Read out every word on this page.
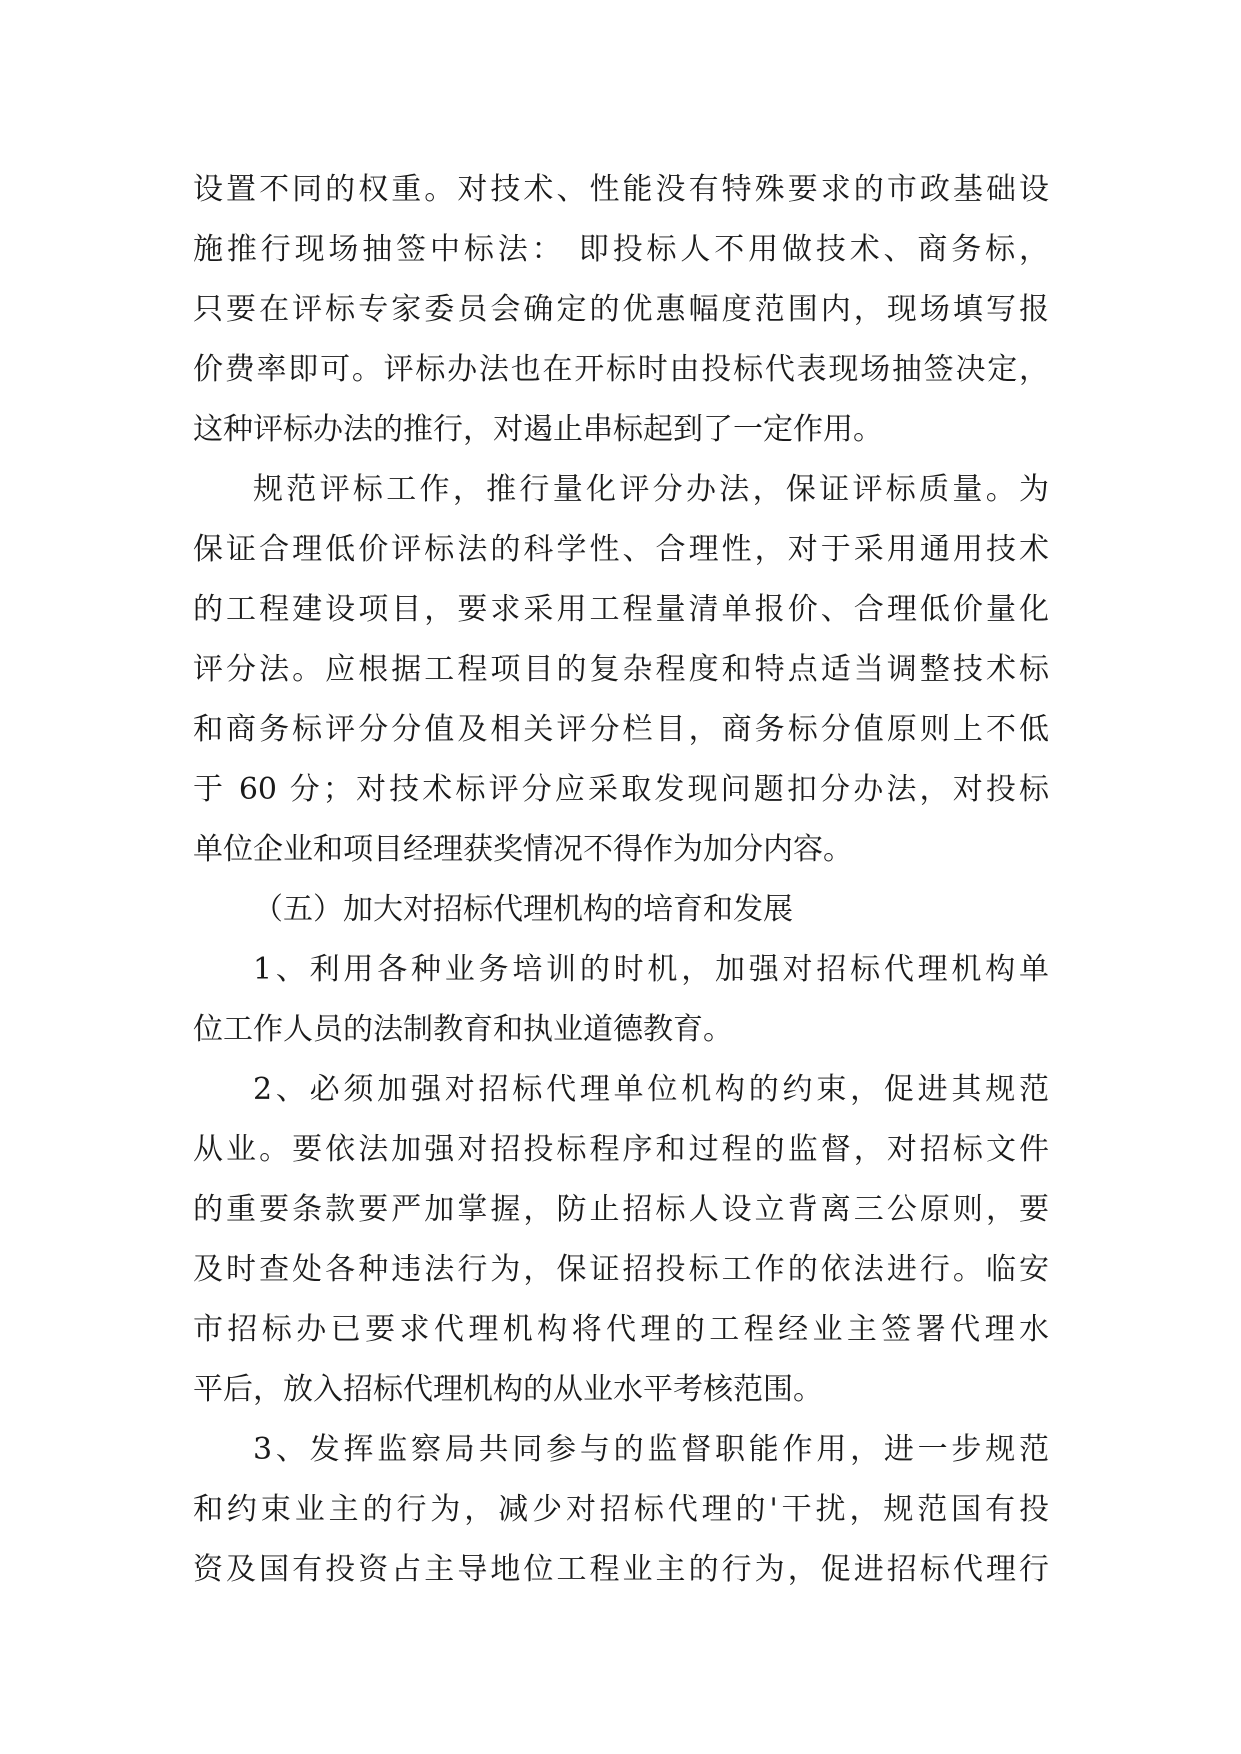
设置不同的权重。对技术、性能没有特殊要求的市政基础设
施推行现场抽签中标法： 即投标人不用做技术、商务标，
只要在评标专家委员会确定的优惠幅度范围内，现场填写报
价费率即可。评标办法也在开标时由投标代表现场抽签决定，
这种评标办法的推行，对遏止串标起到了一定作用。
规范评标工作，推行量化评分办法，保证评标质量。为
保证合理低价评标法的科学性、合理性，对于采用通用技术
的工程建设项目，要求采用工程量清单报价、合理低价量化
评分法。应根据工程项目的复杂程度和特点适当调整技术标
和商务标评分分值及相关评分栏目，商务标分值原则上不低
于 60 分；对技术标评分应采取发现问题扣分办法，对投标
单位企业和项目经理获奖情况不得作为加分内容。
（五）加大对招标代理机构的培育和发展
1、利用各种业务培训的时机，加强对招标代理机构单
位工作人员的法制教育和执业道德教育。
2、必须加强对招标代理单位机构的约束，促进其规范
从业。要依法加强对招投标程序和过程的监督，对招标文件
的重要条款要严加掌握，防止招标人设立背离三公原则，要
及时查处各种违法行为，保证招投标工作的依法进行。临安
市招标办已要求代理机构将代理的工程经业主签署代理水
平后，放入招标代理机构的从业水平考核范围。
3、发挥监察局共同参与的监督职能作用，进一步规范
和约束业主的行为，减少对招标代理的'干扰，规范国有投
资及国有投资占主导地位工程业主的行为，促进招标代理行
